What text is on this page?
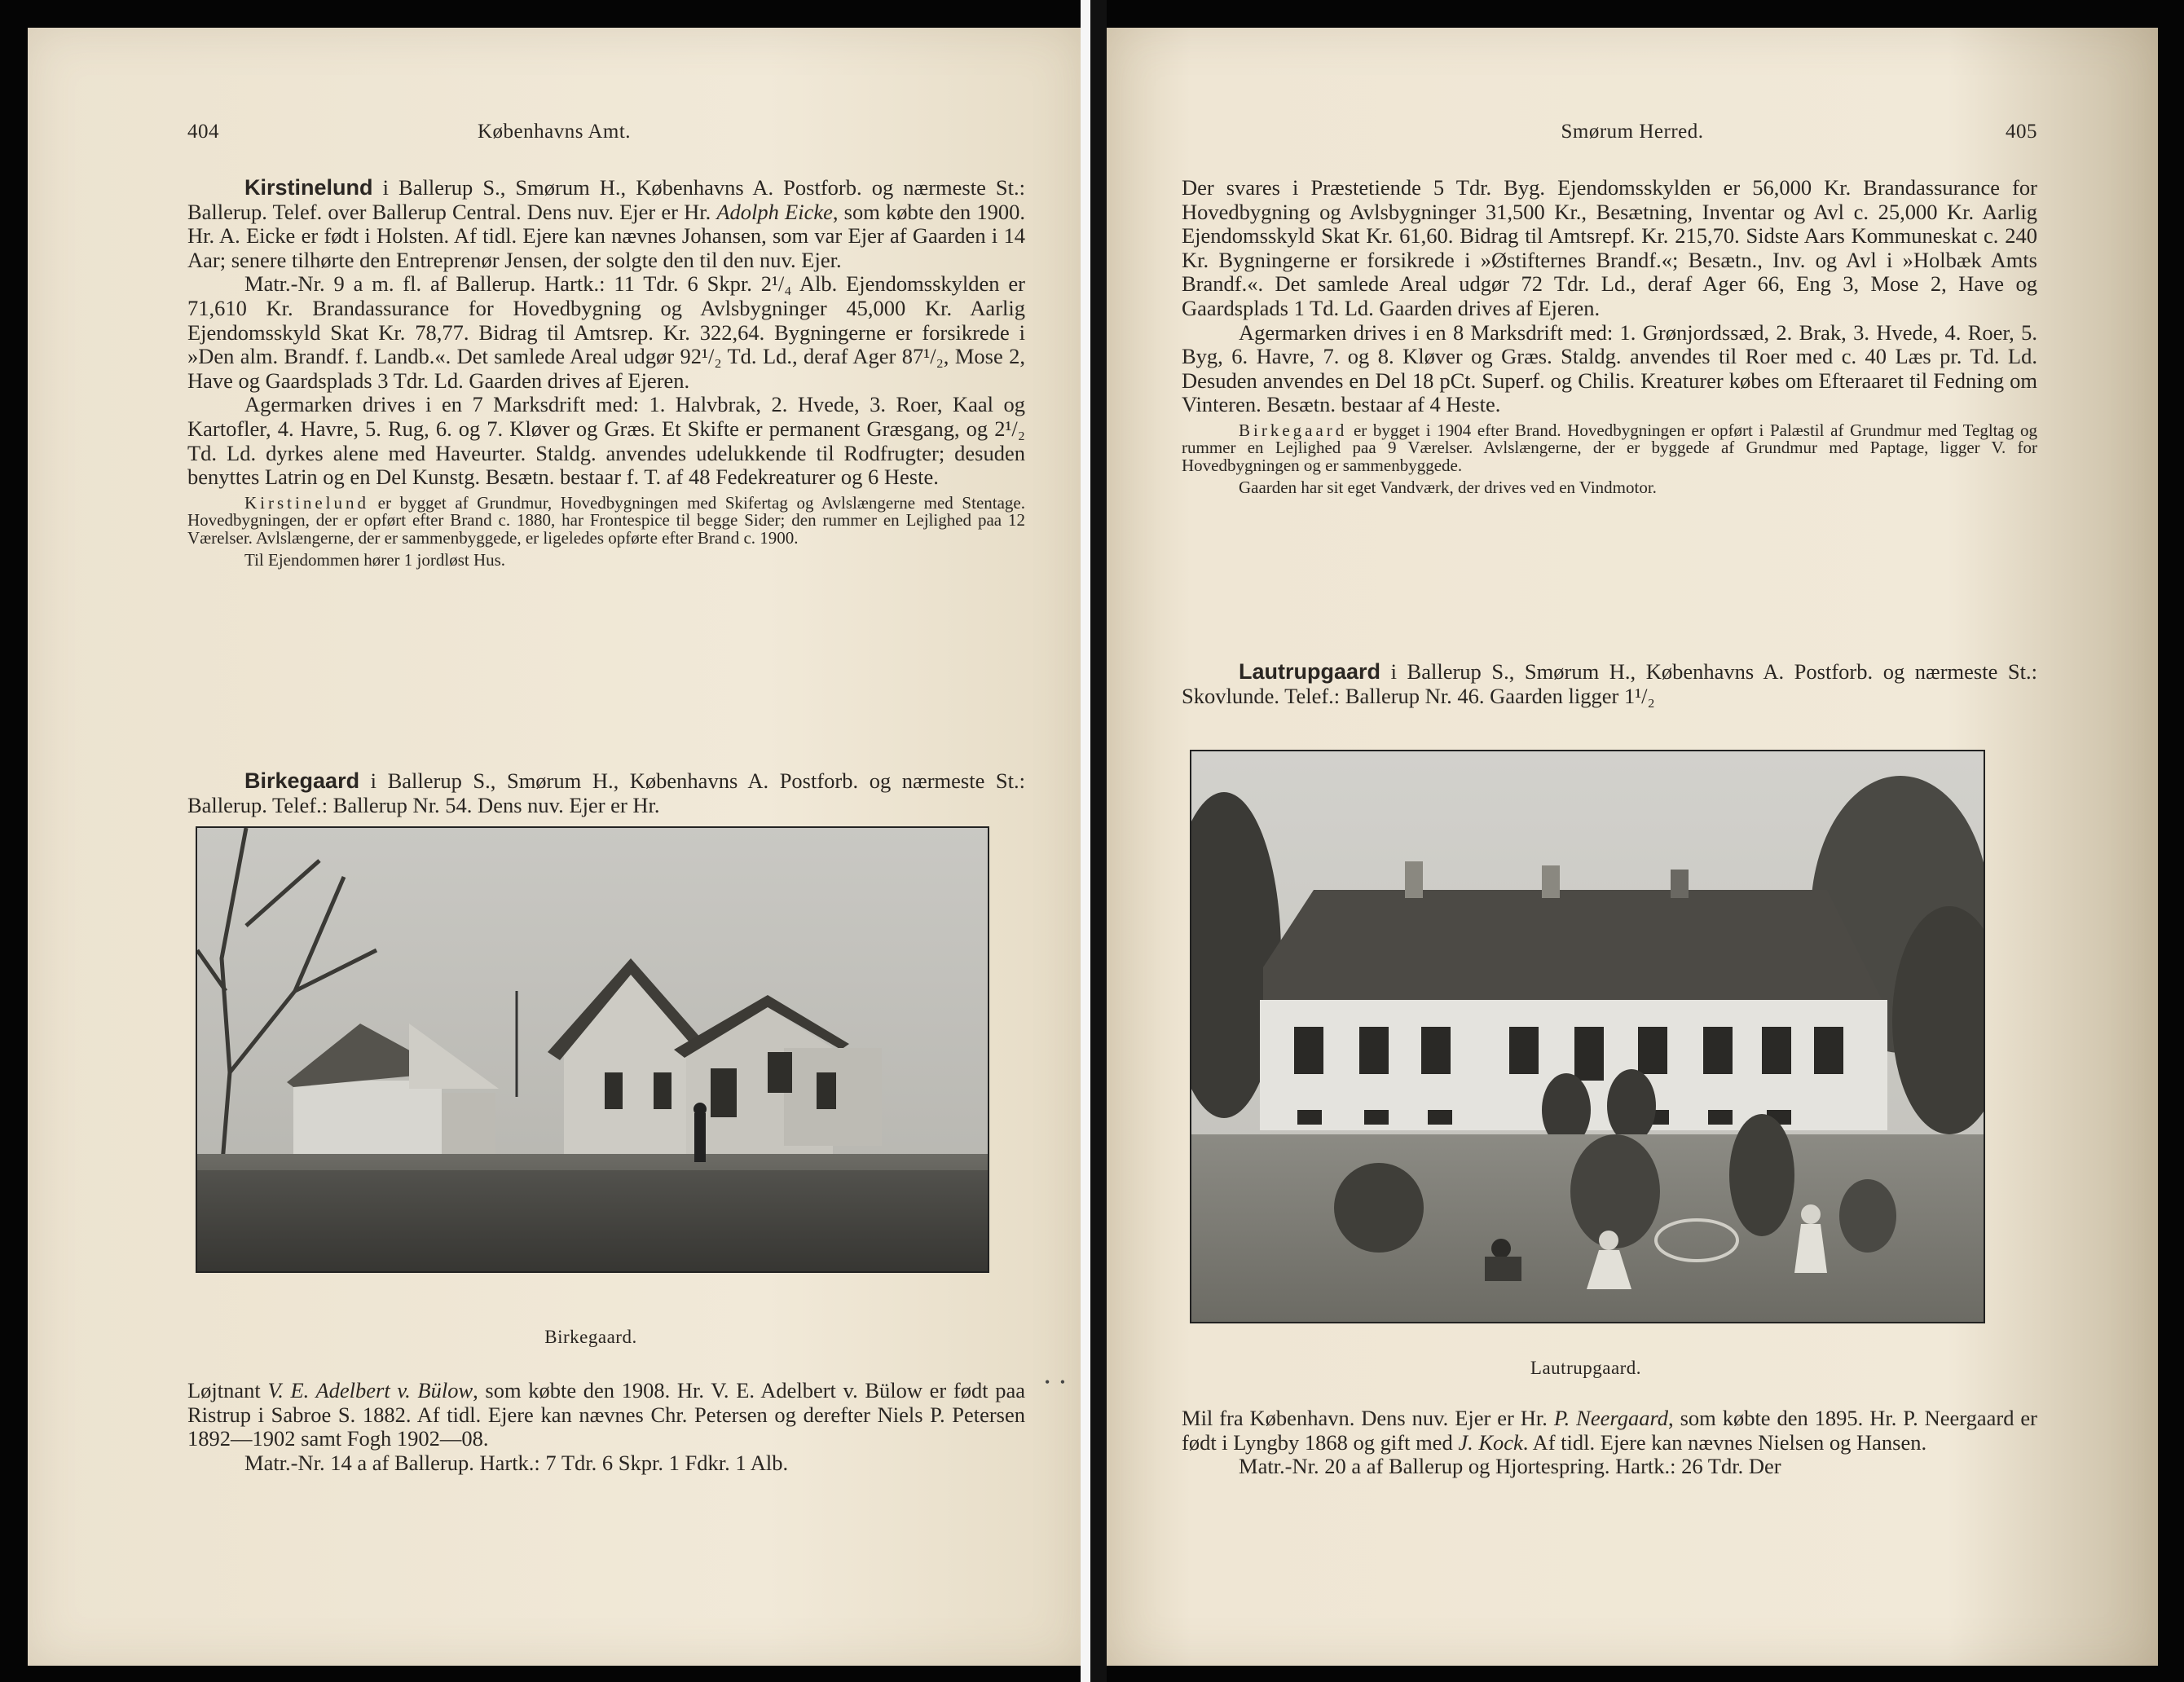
404	Københavns Amt.

Kirstinelund i Ballerup S., Smørum H., Københavns A. Postforb. og nærmeste St.: Ballerup. Telef. over Ballerup Central. Dens nuv. Ejer er Hr. Adolph Eicke, som købte den 1900. Hr. A. Eicke er født i Holsten. Af tidl. Ejere kan nævnes Johansen, som var Ejer af Gaarden i 14 Aar; senere tilhørte den Entreprenør Jensen, der solgte den til den nuv. Ejer.

Matr.-Nr. 9 a m. fl. af Ballerup. Hartk.: 11 Tdr. 6 Skpr. 2¹/₄ Alb. Ejendomsskylden er 71,610 Kr. Brandassurance for Hovedbygning og Avlsbygninger 45,000 Kr. Aarlig Ejendomsskyld Skat Kr. 78,77. Bidrag til Amtsrep. Kr. 322,64. Bygningerne er forsikrede i »Den alm. Brandf. f. Landb.«. Det samlede Areal udgør 92¹/₂ Td. Ld., deraf Ager 87¹/₂, Mose 2, Have og Gaardsplads 3 Tdr. Ld. Gaarden drives af Ejeren.

Agermarken drives i en 7 Marksdrift med: 1. Halvbrak, 2. Hvede, 3. Roer, Kaal og Kartofler, 4. Havre, 5. Rug, 6. og 7. Kløver og Græs. Et Skifte er permanent Græsgang, og 2¹/₂ Td. Ld. dyrkes alene med Haveurter. Staldg. anvendes udelukkende til Rodfrugter; desuden benyttes Latrin og en Del Kunstg. Besætn. bestaar f. T. af 48 Fedekreaturer og 6 Heste.

Kirstinelund er bygget af Grundmur, Hovedbygningen med Skifertag og Avlslængerne med Stentage. Hovedbygningen, der er opført efter Brand c. 1880, har Frontespice til begge Sider; den rummer en Lejlighed paa 12 Værelser. Avlslængerne, der er sammenbyggede, er ligeledes opførte efter Brand c. 1900.

Til Ejendommen hører 1 jordløst Hus.

Birkegaard i Ballerup S., Smørum H., Københavns A. Postforb. og nærmeste St.: Ballerup. Telef.: Ballerup Nr. 54. Dens nuv. Ejer er Hr.

Birkegaard.

Løjtnant V. E. Adelbert v. Bülow, som købte den 1908. Hr. V. E. Adelbert v. Bülow er født paa Ristrup i Sabroe S. 1882. Af tidl. Ejere kan nævnes Chr. Petersen og derefter Niels P. Petersen 1892—1902 samt Fogh 1902—08.

Matr.-Nr. 14 a af Ballerup. Hartk.: 7 Tdr. 6 Skpr. 1 Fdkr. 1 Alb.

• •
Smørum Herred.	405

Der svares i Præstetiende 5 Tdr. Byg. Ejendomsskylden er 56,000 Kr. Brandassurance for Hovedbygning og Avlsbygninger 31,500 Kr., Besætning, Inventar og Avl c. 25,000 Kr. Aarlig Ejendomsskyld Skat Kr. 61,60. Bidrag til Amtsrepf. Kr. 215,70. Sidste Aars Kommuneskat c. 240 Kr. Bygningerne er forsikrede i »Østifternes Brandf.«; Besætn., Inv. og Avl i »Holbæk Amts Brandf.«. Det samlede Areal udgør 72 Tdr. Ld., deraf Ager 66, Eng 3, Mose 2, Have og Gaardsplads 1 Td. Ld. Gaarden drives af Ejeren.

Agermarken drives i en 8 Marksdrift med: 1. Grønjordssæd, 2. Brak, 3. Hvede, 4. Roer, 5. Byg, 6. Havre, 7. og 8. Kløver og Græs. Staldg. anvendes til Roer med c. 40 Læs pr. Td. Ld. Desuden anvendes en Del 18 pCt. Superf. og Chilis. Kreaturer købes om Efteraaret til Fedning om Vinteren. Besætn. bestaar af 4 Heste.

Birkegaard er bygget i 1904 efter Brand. Hovedbygningen er opført i Palæstil af Grundmur med Tegltag og rummer en Lejlighed paa 9 Værelser. Avlslængerne, der er byggede af Grundmur med Paptage, ligger V. for Hovedbygningen og er sammenbyggede.

Gaarden har sit eget Vandværk, der drives ved en Vindmotor.

Lautrupgaard i Ballerup S., Smørum H., Københavns A. Postforb. og nærmeste St.: Skovlunde. Telef.: Ballerup Nr. 46. Gaarden ligger 1¹/₂

Lautrupgaard.

Mil fra København. Dens nuv. Ejer er Hr. P. Neergaard, som købte den 1895. Hr. P. Neergaard er født i Lyngby 1868 og gift med J. Kock. Af tidl. Ejere kan nævnes Nielsen og Hansen.

Matr.-Nr. 20 a af Ballerup og Hjortespring. Hartk.: 26 Tdr. Der
